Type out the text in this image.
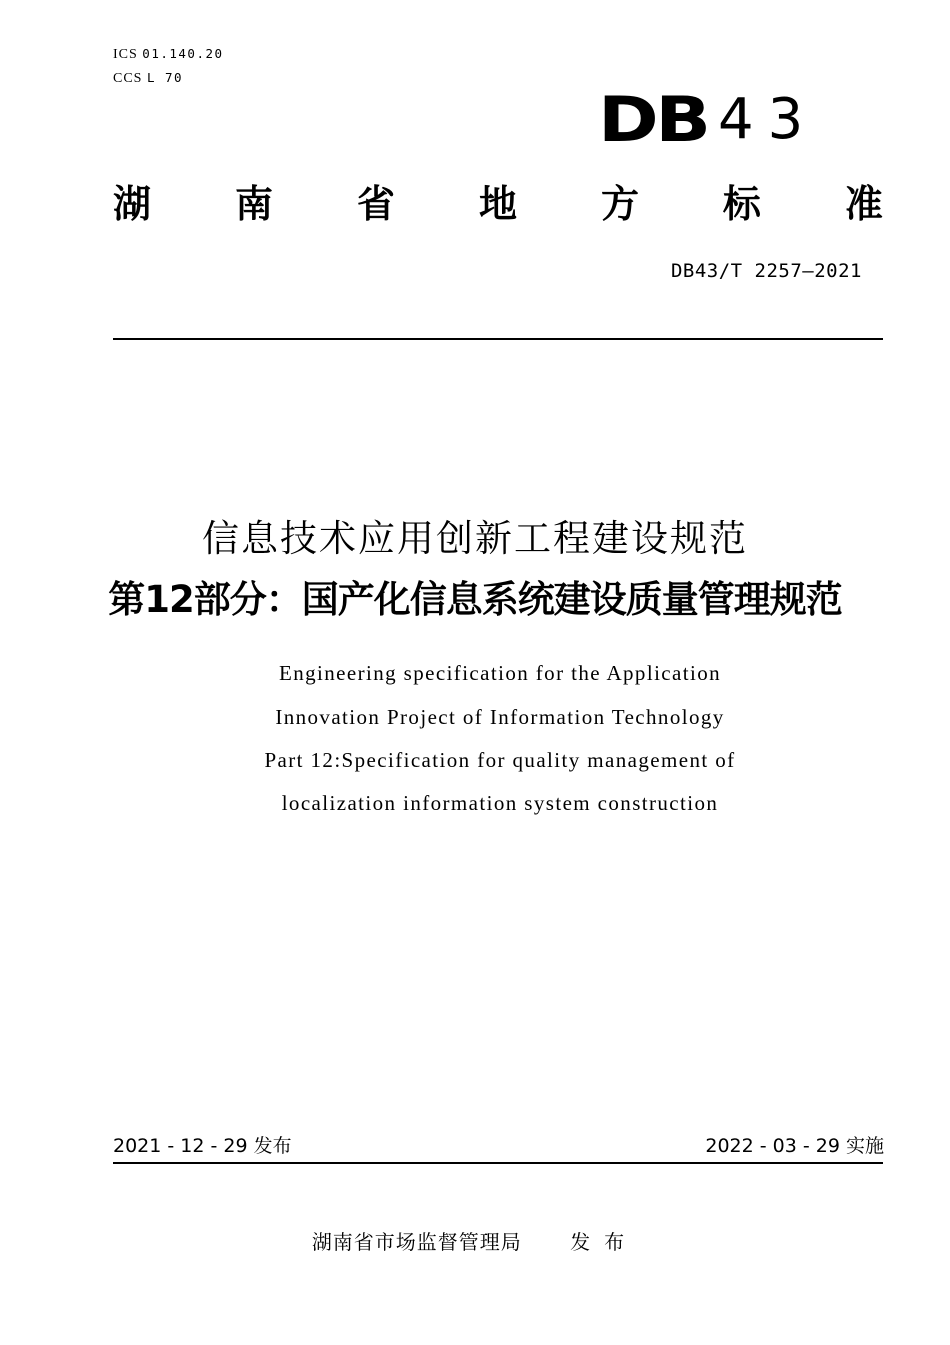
ICS 01.140.20
CCS L 70
DB 43
湖 南 省 地 方 标 准
DB43/T 2257—2021
信息技术应用创新工程建设规范
第12部分：国产化信息系统建设质量管理规范
Engineering specification for the Application
Innovation Project of Information Technology
Part 12:Specification for quality management of
localization information system construction
2021 - 12 - 29 发布	2022 - 03 - 29 实施
湖南省市场监督管理局 发布
